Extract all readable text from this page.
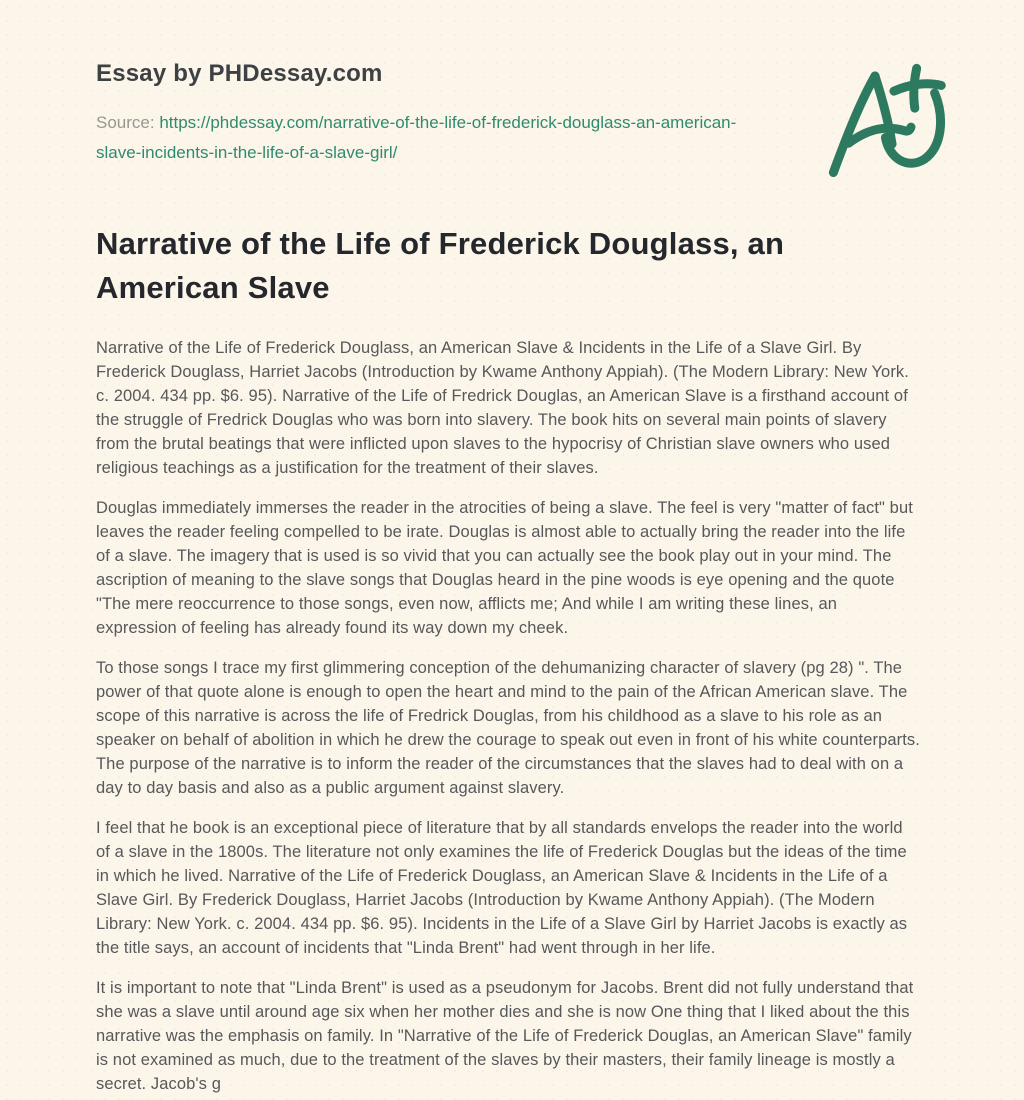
Essay by PHDessay.com
Source: https://phdessay.com/narrative-of-the-life-of-frederick-douglass-an-american-slave-incidents-in-the-life-of-a-slave-girl/
Narrative of the Life of Frederick Douglass, an American Slave

Narrative of the Life of Frederick Douglass, an American Slave & Incidents in the Life of a Slave Girl. By Frederick Douglass, Harriet Jacobs (Introduction by Kwame Anthony Appiah). (The Modern Library: New York. c. 2004. 434 pp. $6. 95). Narrative of the Life of Fredrick Douglas, an American Slave is a firsthand account of the struggle of Fredrick Douglas who was born into slavery. The book hits on several main points of slavery from the brutal beatings that were inflicted upon slaves to the hypocrisy of Christian slave owners who used religious teachings as a justification for the treatment of their slaves.

Douglas immediately immerses the reader in the atrocities of being a slave. The feel is very "matter of fact" but leaves the reader feeling compelled to be irate. Douglas is almost able to actually bring the reader into the life of a slave. The imagery that is used is so vivid that you can actually see the book play out in your mind. The ascription of meaning to the slave songs that Douglas heard in the pine woods is eye opening and the quote "The mere reoccurrence to those songs, even now, afflicts me; And while I am writing these lines, an expression of feeling has already found its way down my cheek.

To those songs I trace my first glimmering conception of the dehumanizing character of slavery (pg 28) ". The power of that quote alone is enough to open the heart and mind to the pain of the African American slave. The scope of this narrative is across the life of Fredrick Douglas, from his childhood as a slave to his role as an speaker on behalf of abolition in which he drew the courage to speak out even in front of his white counterparts. The purpose of the narrative is to inform the reader of the circumstances that the slaves had to deal with on a day to day basis and also as a public argument against slavery.

I feel that he book is an exceptional piece of literature that by all standards envelops the reader into the world of a slave in the 1800s. The literature not only examines the life of Frederick Douglas but the ideas of the time in which he lived. Narrative of the Life of Frederick Douglass, an American Slave & Incidents in the Life of a Slave Girl. By Frederick Douglass, Harriet Jacobs (Introduction by Kwame Anthony Appiah). (The Modern Library: New York. c. 2004. 434 pp. $6. 95). Incidents in the Life of a Slave Girl by Harriet Jacobs is exactly as the title says, an account of incidents that "Linda Brent" had went through in her life.

It is important to note that "Linda Brent" is used as a pseudonym for Jacobs. Brent did not fully understand that she was a slave until around age six when her mother dies and she is now One thing that I liked about the this narrative was the emphasis on family. In "Narrative of the Life of Frederick Douglas, an American Slave" family is not examined as much, due to the treatment of the slaves by their masters, their family lineage is mostly a secret. Jacob's g
